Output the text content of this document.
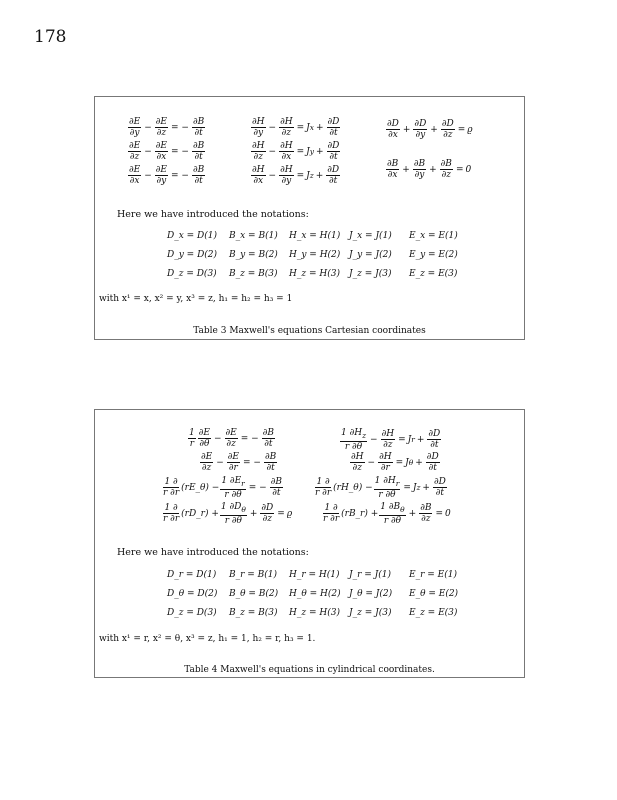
178
$\frac{\partial E}{\partial y} - \frac{\partial E}{\partial z}$ = − $\frac{\partial B}{\partial t}$
$\frac{\partial E}{\partial z} - \frac{\partial E}{\partial x}$ = − $\frac{\partial B}{\partial t}$
$\frac{\partial E}{\partial x} - \frac{\partial E}{\partial y}$ = − $\frac{\partial B}{\partial t}$
$\frac{\partial H}{\partial y} - \frac{\partial H}{\partial z} = J$ $x + \frac{\partial D}{\partial t}$
$\frac{\partial H}{\partial z} - \frac{\partial H}{\partial x} = J$ $y + \frac{\partial D}{\partial t}$
$\frac{\partial H}{\partial x} - \frac{\partial H}{\partial y} = J$ $z + \frac{\partial D}{\partial t}$
$\frac{\partial D}{\partial x} + \frac{\partial D}{\partial y} + \frac{\partial D}{\partial z} = ϱ$
$\frac{\partial B}{\partial x} + \frac{\partial B}{\partial y} + \frac{\partial B}{\partial z} = 0$
Here we have introduced the notations:
D_x = D(1) B_x = B(1) H_x = H(1) J_x = J(1) E_x = E(1)
D_y = D(2) B_y = B(2) H_y = H(2) J_y = J(2) E_y = E(2)
D_z = D(3) B_z = B(3) H_z = H(3) J_z = J(3) E_z = E(3)
with x¹ = x, x² = y, x³ = z, h₁ = h₂ = h₃ = 1
Table 3 Maxwell's equations Cartesian coordinates
$\frac{1}{r} \frac{\partial E}{\partial\theta} - \frac{\partial E}{\partial z}$ = − $\frac{\partial B}{\partial t}$
$\frac{\partial E}{\partial z} - \frac{\partial E}{\partial r}$ = − $\frac{\partial B}{\partial t}$
$\frac{1 \partial}{r \partial r}$ (rE_θ) − $\frac{1 \partial E_r}{r \partial\theta}$ = − $\frac{\partial B}{\partial t}$
$\frac{1 \partial}{r \partial r}$ (rD_r) + $\frac{1 \partial D_\theta}{r \partial\theta} + \frac{\partial D}{\partial z} = ϱ$
$\frac{1 \partial H_z}{r \partial\theta} - \frac{\partial H}{\partial z} = J$ $r + \frac{\partial D}{\partial t}$
$\frac{\partial H}{\partial z} - \frac{\partial H}{\partial r} = J$ $\theta + \frac{\partial D}{\partial t}$
$\frac{1 \partial}{r \partial r}$ (rH_θ) − $\frac{1 \partial H_r}{r \partial\theta} = J$ $z + \frac{\partial D}{\partial t}$
$\frac{1 \partial}{r \partial r}$ (rB_r) + $\frac{1 \partial B_\theta}{r \partial\theta} + \frac{\partial B}{\partial z} = 0$
Here we have introduced the notations:
D_r = D(1) B_r = B(1) H_r = H(1) J_r = J(1) E_r = E(1)
D_θ = D(2) B_θ = B(2) H_θ = H(2) J_θ = J(2) E_θ = E(2)
D_z = D(3) B_z = B(3) H_z = H(3) J_z = J(3) E_z = E(3)
with x¹ = r, x² = θ, x³ = z, h₁ = 1, h₂ = r, h₃ = 1.
Table 4 Maxwell's equations in cylindrical coordinates.
